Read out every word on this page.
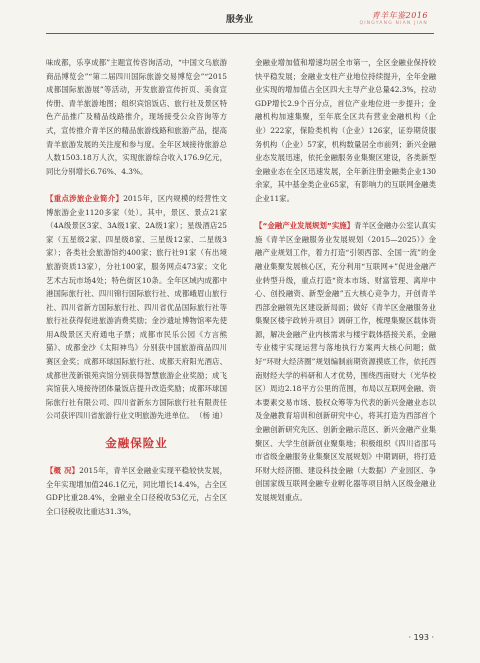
服务业	青羊年鉴2016
QINGYANG NIAN JIAN

味成都，乐享成都”主题宣传咨询活动，“中国文乌旅游商品博览会”“第二届四川国际旅游交易博览会”“2015成都国际旅游展”等活动，开发旅游宣传折页、美食宣传册、青羊旅游地图；组织宾馆饭店、旅行社及景区特色产品推广及精品线路推介，现场接受公众咨询等方式，宣传推介青羊区的精品旅游线路和旅游产品，提高青羊旅游发展的关注度和参与度。全年区域接待旅游总人数1503.18万人次，实现旅游综合收入176.9亿元，同比分别增长6.76%、4.3%。

【重点涉旅企业简介】2015年，区内规模的经营性文博旅游企业1120多家（处）。其中，景区、景点21家（4A级景区3家、3A级1家、2A级1家）；星级酒店25家（五星级2家、四星级8家、三星级12家、二星级3家）；各类社会旅游馆约400家；旅行社91家（有出境旅游资质13家），分社100家，服务网点473家；文化艺术古玩市场4处；特色街区10条。全年区域内成都中港国际旅行社、四川锦行国际旅行社、成都峨眉山旅行社、四川省新方国际旅行社、四川省优品国际旅行社等旅行社获得促进旅游消费奖励；金沙遗址博物馆率先使用A级景区天府通电子票；成都市民乐公园《方言熊猫》、成都金沙《太阳神鸟》分别获中国旅游商品四川赛区金奖；成都环球国际旅行社、成都天府阳光酒店、成都世茂新银苑宾馆分别获得智慧旅游企业奖励；成飞宾馆获入境接待团体量饭店提升改造奖励；成都环球国际旅行社有限公司、四川省新东方国际旅行社有限责任公司获评四川省旅游行业文明旅游先进单位。 （杨 迪）

金融保险业

【概 况】2015年，青羊区金融业实现平稳较快发展，全年实现增加值246.1亿元，同比增长14.4%，占全区GDP比重28.4%，金融业全口径税收53亿元，占全区全口径税收比重达31.3%，

金融业增加值和增速均居全市第一，全区金融业保持较快平稳发展；金融业支柱产业地位持续提升，全年金融业实现的增加值占全区四大主导产业总量42.3%，拉动GDP增长2.9个百分点，首位产业地位进一步提升；金融机构加速集聚，至年底全区共有营业金融机构（企业）222家，保险类机构（企业）126家，证券期货服务机构（企业）57家，机构数量居全市前列；新兴金融业态发展迅速，依托金融服务业集聚区建设，各类新型金融业态在全区迅速发展，全年新注册金融类企业130余家，其中基金类企业65家，有影响力的互联网金融类企业11家。

【“金融产业发展规划”实施】青羊区金融办公室认真实施《青羊区金融服务业发展规划（2015—2025）》金融产业规划工作，着力打造“引领西部、全国一流”的金融业集聚发展核心区，充分利用“互联网+”促进金融产业转型升级，重点打造“资本市场、财富管理、离岸中心、创投融资、新型金融”五大核心竞争力，开创青羊西部金融领先区建设新局面；做好《青羊区金融服务业集聚区楼宇政转升项目》调研工作，梳理集聚区载体资源，解决金融产业内核需求与楼宇载体搭接关系，金融专业楼宇实现运营与落地执行方案两大核心问题；做好“环财大经济圈”规划编制前期资源摸底工作，依托西南财经大学的科研和人才优势，围绕西南财大（光华校区）周边2.18平方公里的范围，布局以互联网金融、资本要素交易市场、股权众筹等为代表的新兴金融业态以及金融教育培训和创新研究中心，将其打造为西部首个金融创新研究先区、创新金融示范区、新兴金融产业集聚区、大学生创新创业聚集地；积极组织《四川省邵马市省级金融服务业集聚区发展规划》中期调研，将打造环财大经济圈、建设科技金融（大数据）产业园区、争创国家级互联网金融专业孵化器等项目纳入区级金融业发展规划重点。

· 193 ·
